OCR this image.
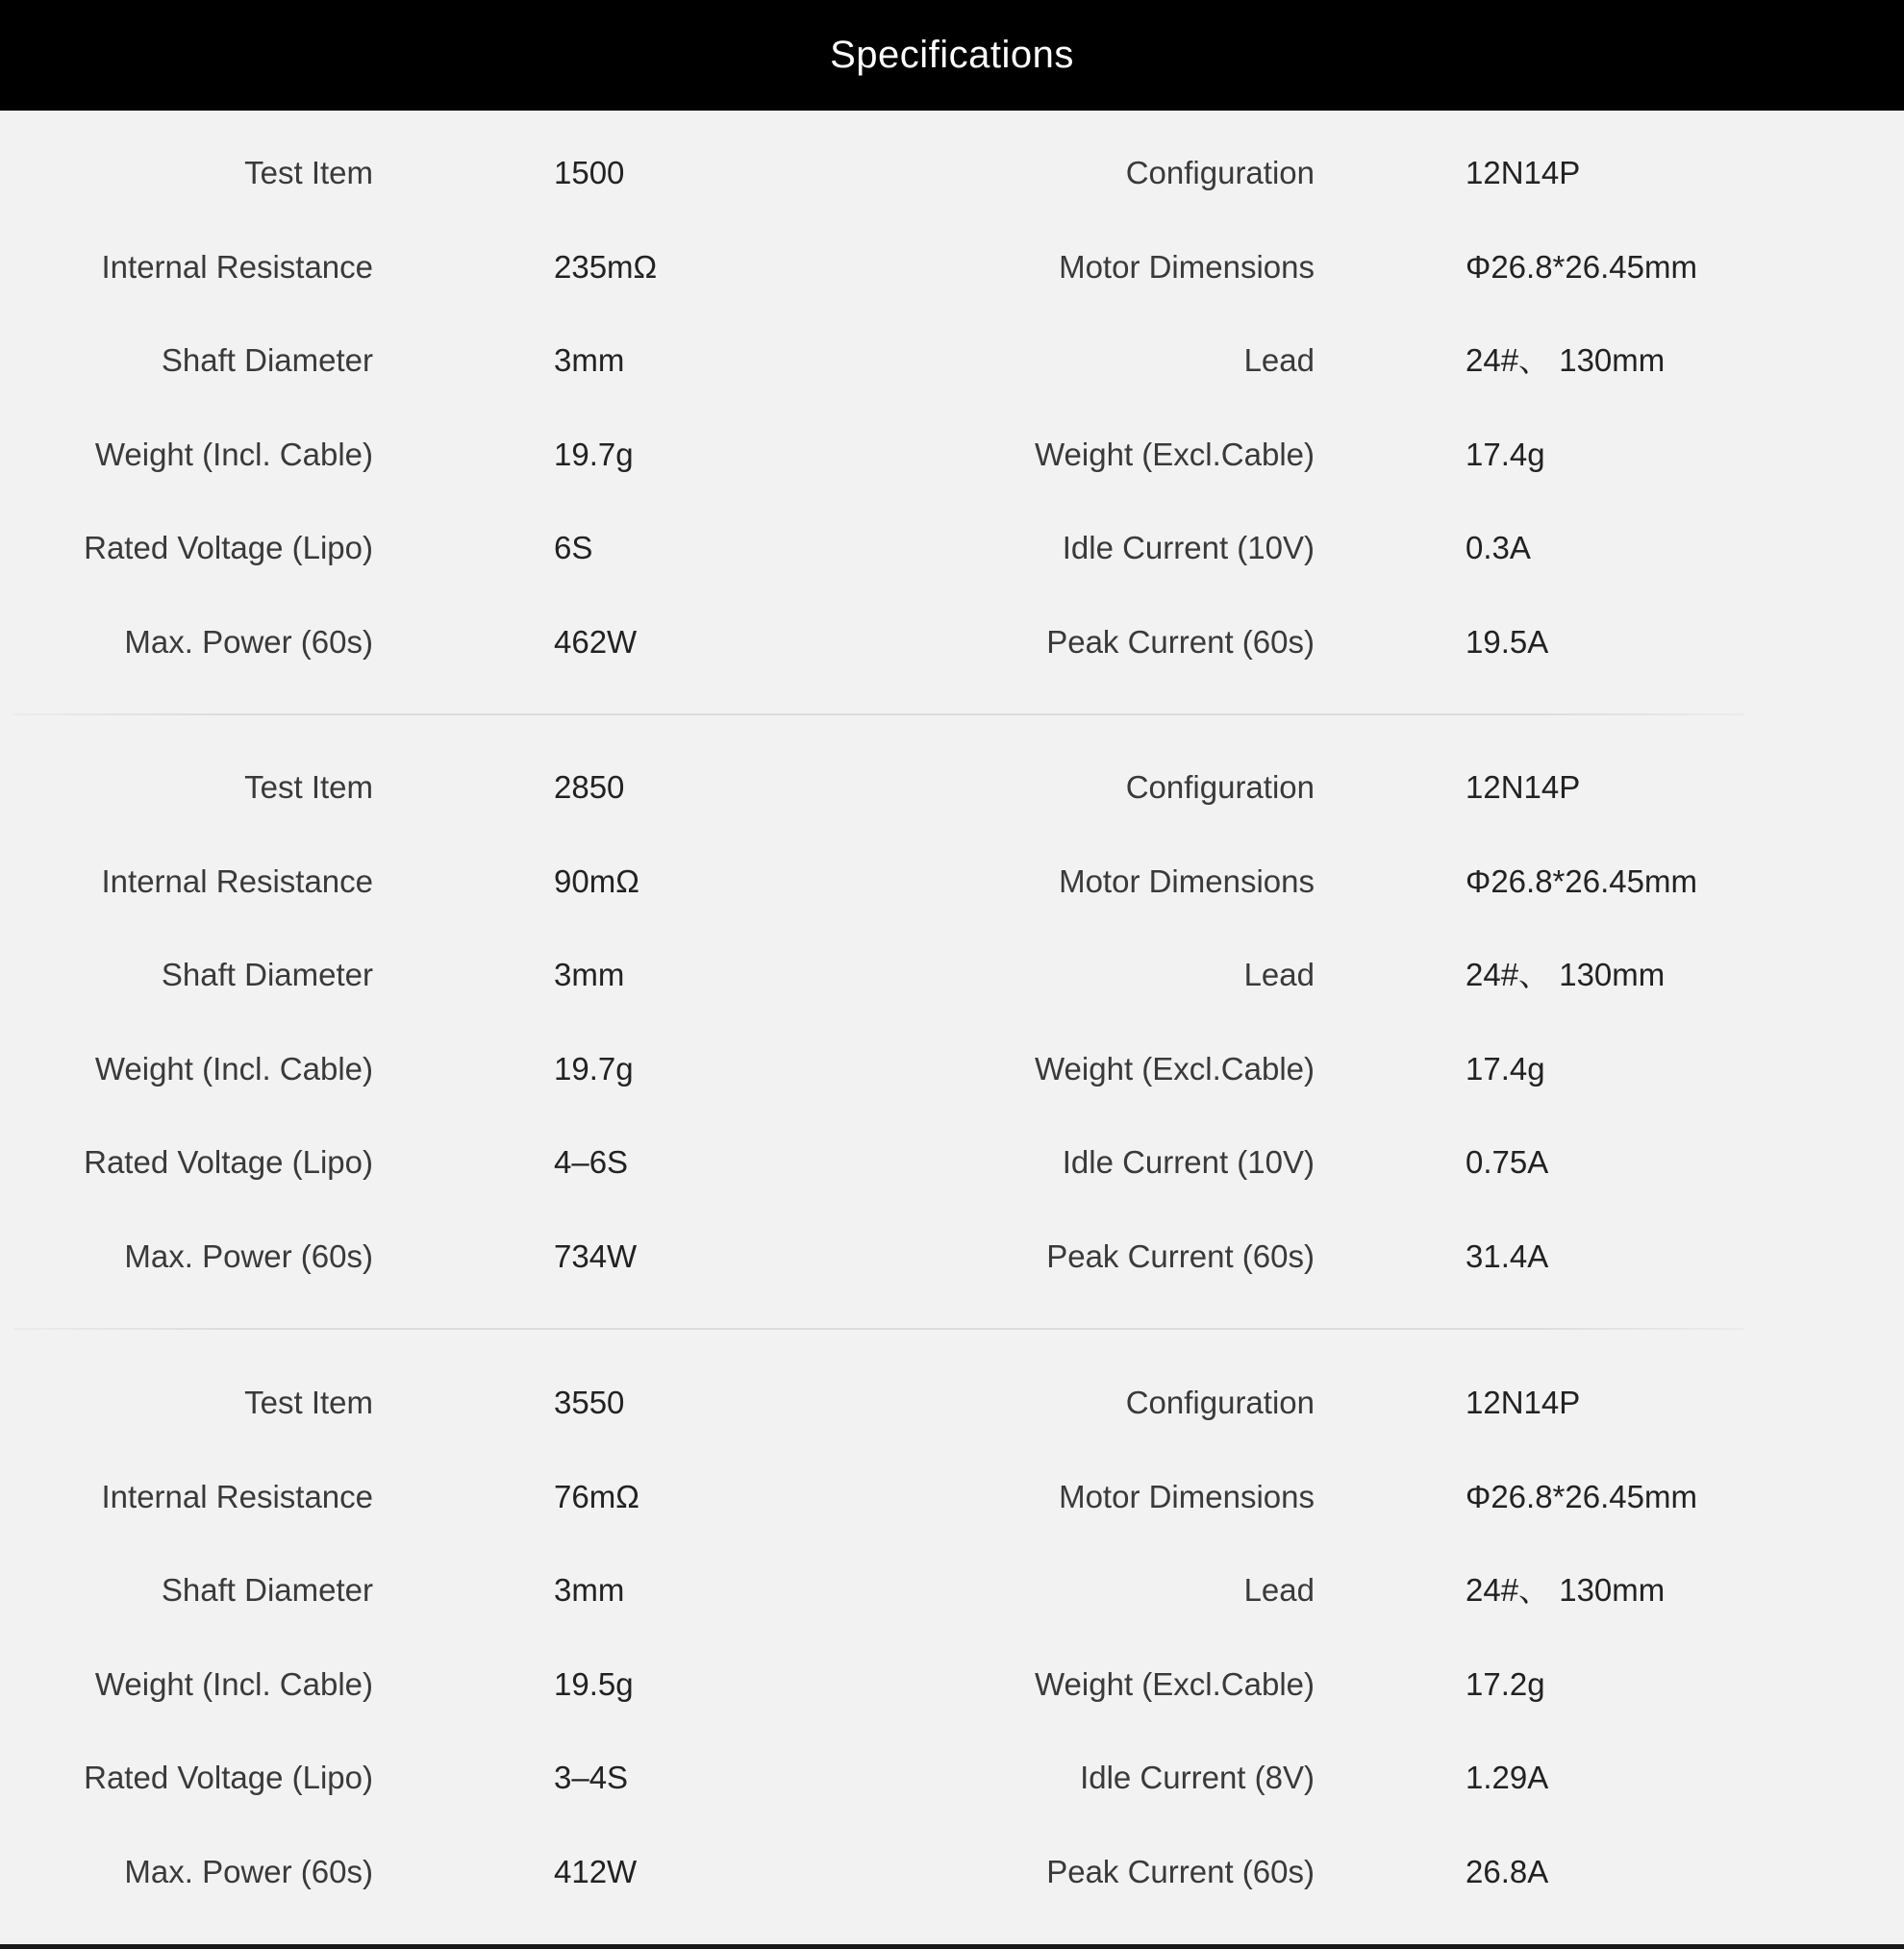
Specifications
Test Item	1500	Configuration	12N14P
Internal Resistance	235mΩ	Motor Dimensions	Φ26.8*26.45mm
Shaft Diameter	3mm	Lead	24#、 130mm
Weight (Incl. Cable)	19.7g	Weight (Excl.Cable)	17.4g
Rated Voltage (Lipo)	6S	Idle Current (10V)	0.3A
Max. Power (60s)	462W	Peak Current (60s)	19.5A
Test Item	2850	Configuration	12N14P
Internal Resistance	90mΩ	Motor Dimensions	Φ26.8*26.45mm
Shaft Diameter	3mm	Lead	24#、 130mm
Weight (Incl. Cable)	19.7g	Weight (Excl.Cable)	17.4g
Rated Voltage (Lipo)	4–6S	Idle Current (10V)	0.75A
Max. Power (60s)	734W	Peak Current (60s)	31.4A
Test Item	3550	Configuration	12N14P
Internal Resistance	76mΩ	Motor Dimensions	Φ26.8*26.45mm
Shaft Diameter	3mm	Lead	24#、 130mm
Weight (Incl. Cable)	19.5g	Weight (Excl.Cable)	17.2g
Rated Voltage (Lipo)	3–4S	Idle Current (8V)	1.29A
Max. Power (60s)	412W	Peak Current (60s)	26.8A
